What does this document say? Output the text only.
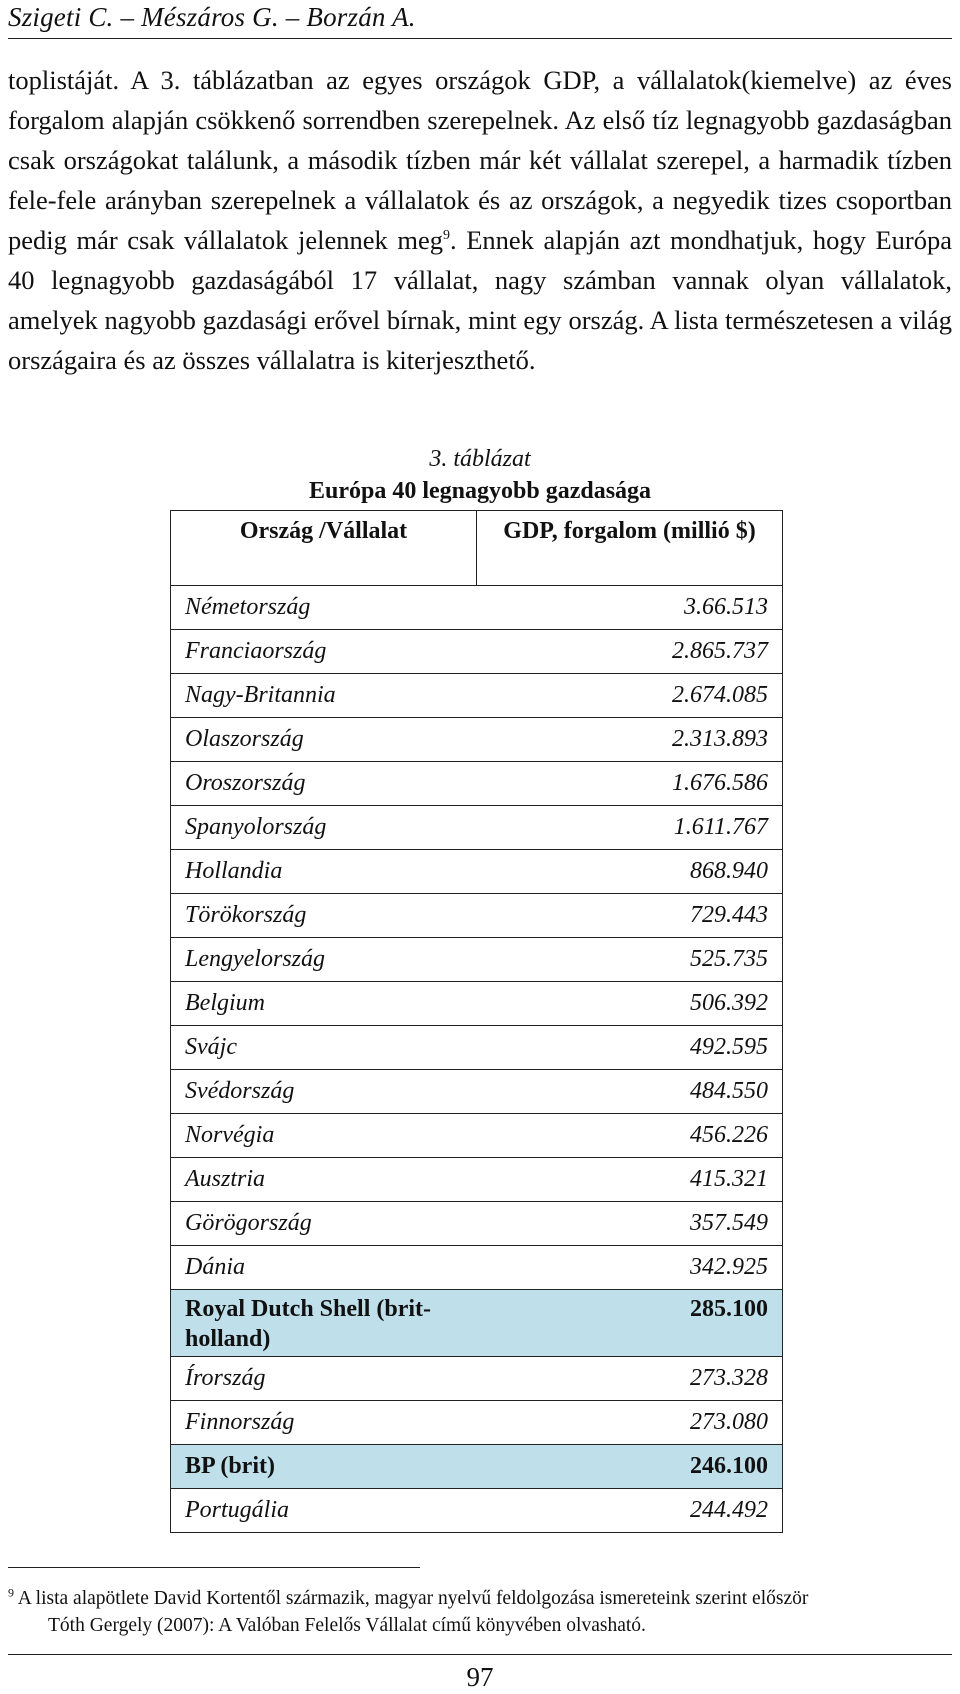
Szigeti C. – Mészáros G. – Borzán A.
toplistáját. A 3. táblázatban az egyes országok GDP, a vállalatok(kiemelve) az éves forgalom alapján csökkenő sorrendben szerepelnek. Az első tíz legnagyobb gazdaságban csak országokat találunk, a második tízben már két vállalat szerepel, a harmadik tízben fele-fele arányban szerepelnek a vállalatok és az országok, a negyedik tizes csoportban pedig már csak vállalatok jelennek meg$^9$. Ennek alapján azt mondhatjuk, hogy Európa 40 legnagyobb gazdaságából 17 vállalat, nagy számban vannak olyan vállalatok, amelyek nagyobb gazdasági erővel bírnak, mint egy ország. A lista természetesen a világ országaira és az összes vállalatra is kiterjeszthető.
3. táblázat
Európa 40 legnagyobb gazdasága
Ország /Vállalat	GDP, forgalom (millió $)
Németország	3.66.513
Franciaország	2.865.737
Nagy-Britannia	2.674.085
Olaszország	2.313.893
Oroszország	1.676.586
Spanyolország	1.611.767
Hollandia	868.940
Törökország	729.443
Lengyelország	525.735
Belgium	506.392
Svájc	492.595
Svédország	484.550
Norvégia	456.226
Ausztria	415.321
Görögország	357.549
Dánia	342.925
Royal Dutch Shell (brit-holland)	285.100
Írország	273.328
Finnország	273.080
BP (brit)	246.100
Portugália	244.492
$^9$ A lista alapötlete David Kortentől származik, magyar nyelvű feldolgozása ismereteink szerint először
Tóth Gergely (2007): A Valóban Felelős Vállalat című könyvében olvasható.
97
